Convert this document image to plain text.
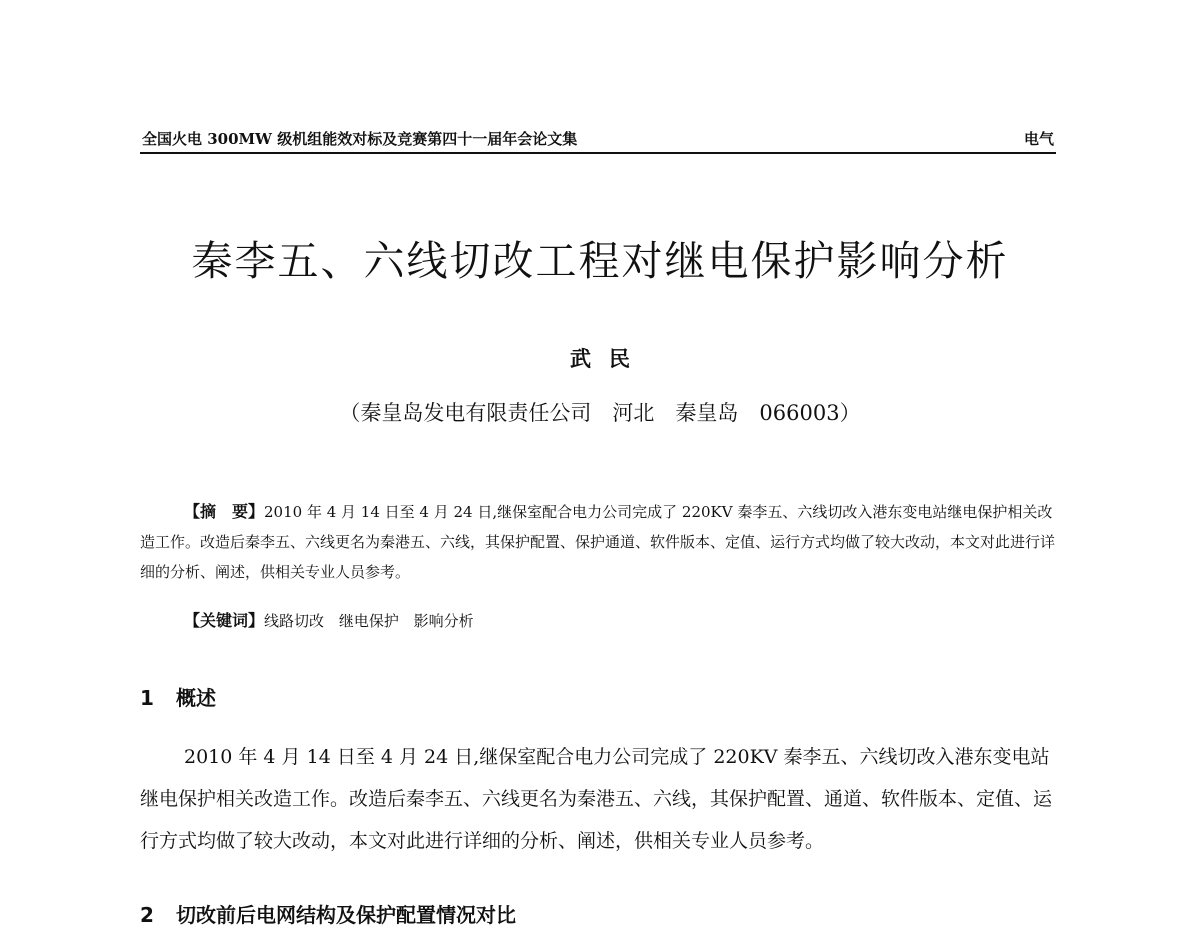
全国火电 300MW 级机组能效对标及竞赛第四十一届年会论文集	电气
秦李五、六线切改工程对继电保护影响分析
武民
（秦皇岛发电有限责任公司　河北　秦皇岛　066003）

【摘　要】2010 年 4 月 14 日至 4 月 24 日,继保室配合电力公司完成了 220KV 秦李五、六线切改入港东变电站继电保护相关改造工作。改造后秦李五、六线更名为秦港五、六线，其保护配置、保护通道、软件版本、定值、运行方式均做了较大改动，本文对此进行详细的分析、阐述，供相关专业人员参考。

【关键词】线路切改 继电保护 影响分析
1 概述

2010 年 4 月 14 日至 4 月 24 日,继保室配合电力公司完成了 220KV 秦李五、六线切改入港东变电站继电保护相关改造工作。改造后秦李五、六线更名为秦港五、六线，其保护配置、通道、软件版本、定值、运行方式均做了较大改动，本文对此进行详细的分析、阐述，供相关专业人员参考。

2 切改前后电网结构及保护配置情况对比
